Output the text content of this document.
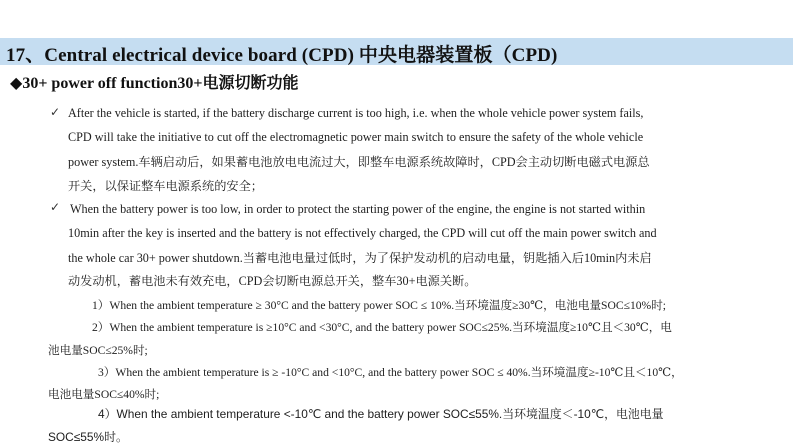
17、Central electrical device board (CPD) 中央电器装置板（CPD)
◆30+ power off function30+电源切断功能
✓ After the vehicle is started, if the battery discharge current is too high, i.e. when the whole vehicle power system fails,
CPD will take the initiative to cut off the electromagnetic power main switch to ensure the safety of the whole vehicle
power system.车辆启动后，如果蓄电池放电电流过大，即整车电源系统故障时，CPD会主动切断电磁式电源总
开关，以保证整车电源系统的安全；
✓ When the battery power is too low, in order to protect the starting power of the engine, the engine is not started within
10min after the key is inserted and the battery is not effectively charged, the CPD will cut off the main power switch and
the whole car 30+ power shutdown.当蓄电池电量过低时，为了保护发动机的启动电量，钥匙插入后10min内未启
动发动机，蓄电池未有效充电，CPD会切断电源总开关，整车30+电源关断。
1）When the ambient temperature ≥ 30°C and the battery power SOC ≤ 10%.当环境温度≥30℃，电池电量SOC≤10%时;
2）When the ambient temperature is ≥10°C and <30°C, and the battery power SOC≤25%.当环境温度≥10℃且＜30℃，电
池电量SOC≤25%时;
3）When the ambient temperature is ≥ -10°C and <10°C, and the battery power SOC ≤ 40%.当环境温度≥-10℃且＜10℃，
电池电量SOC≤40%时;
4）When the ambient temperature <-10℃ and the battery power SOC≤55%.当环境温度＜-10℃，电池电量
SOC≤55%时。
